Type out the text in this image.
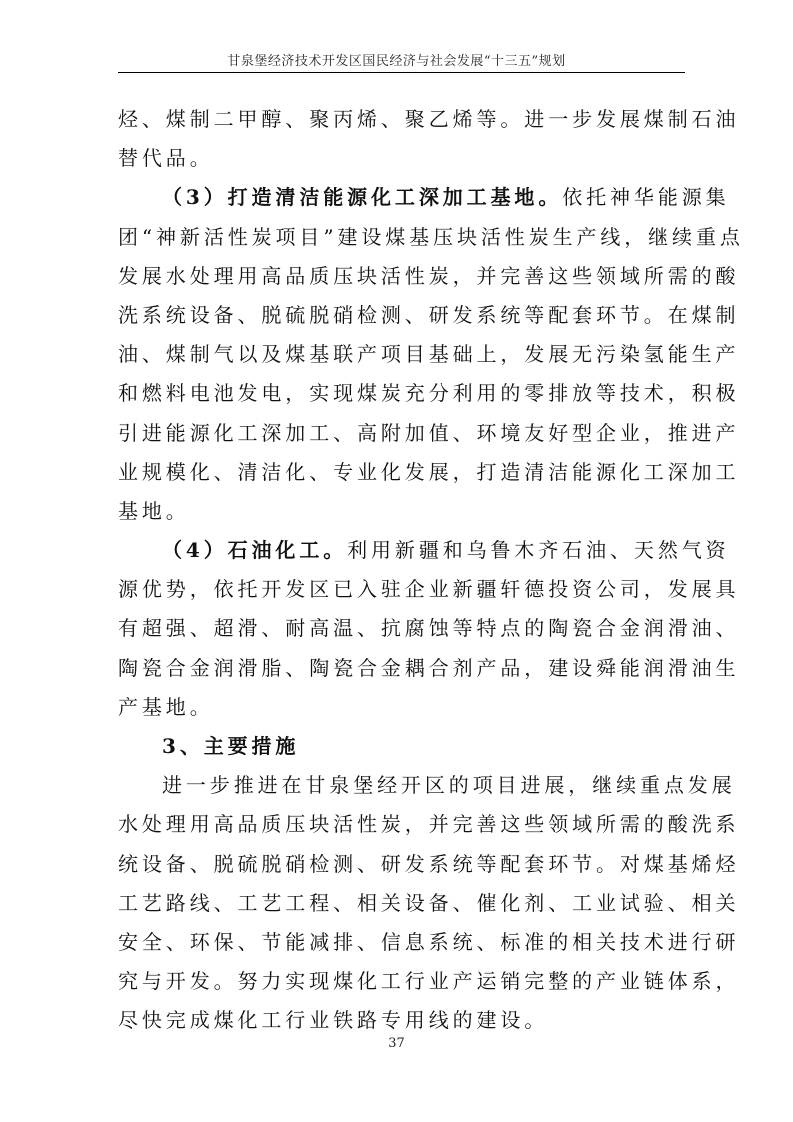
甘泉堡经济技术开发区国民经济与社会发展“十三五”规划
烃、煤制二甲醇、聚丙烯、聚乙烯等。进一步发展煤制石油
替代品。
（3）打造清洁能源化工深加工基地。依托神华能源集
团“神新活性炭项目”建设煤基压块活性炭生产线，继续重点
发展水处理用高品质压块活性炭，并完善这些领域所需的酸
洗系统设备、脱硫脱硝检测、研发系统等配套环节。在煤制
油、煤制气以及煤基联产项目基础上，发展无污染氢能生产
和燃料电池发电，实现煤炭充分利用的零排放等技术，积极
引进能源化工深加工、高附加值、环境友好型企业，推进产
业规模化、清洁化、专业化发展，打造清洁能源化工深加工
基地。
（4）石油化工。利用新疆和乌鲁木齐石油、天然气资
源优势，依托开发区已入驻企业新疆轩德投资公司，发展具
有超强、超滑、耐高温、抗腐蚀等特点的陶瓷合金润滑油、
陶瓷合金润滑脂、陶瓷合金耦合剂产品，建设舜能润滑油生
产基地。
3、主要措施
进一步推进在甘泉堡经开区的项目进展，继续重点发展
水处理用高品质压块活性炭，并完善这些领域所需的酸洗系
统设备、脱硫脱硝检测、研发系统等配套环节。对煤基烯烃
工艺路线、工艺工程、相关设备、催化剂、工业试验、相关
安全、环保、节能减排、信息系统、标准的相关技术进行研
究与开发。努力实现煤化工行业产运销完整的产业链体系，
尽快完成煤化工行业铁路专用线的建设。
37
